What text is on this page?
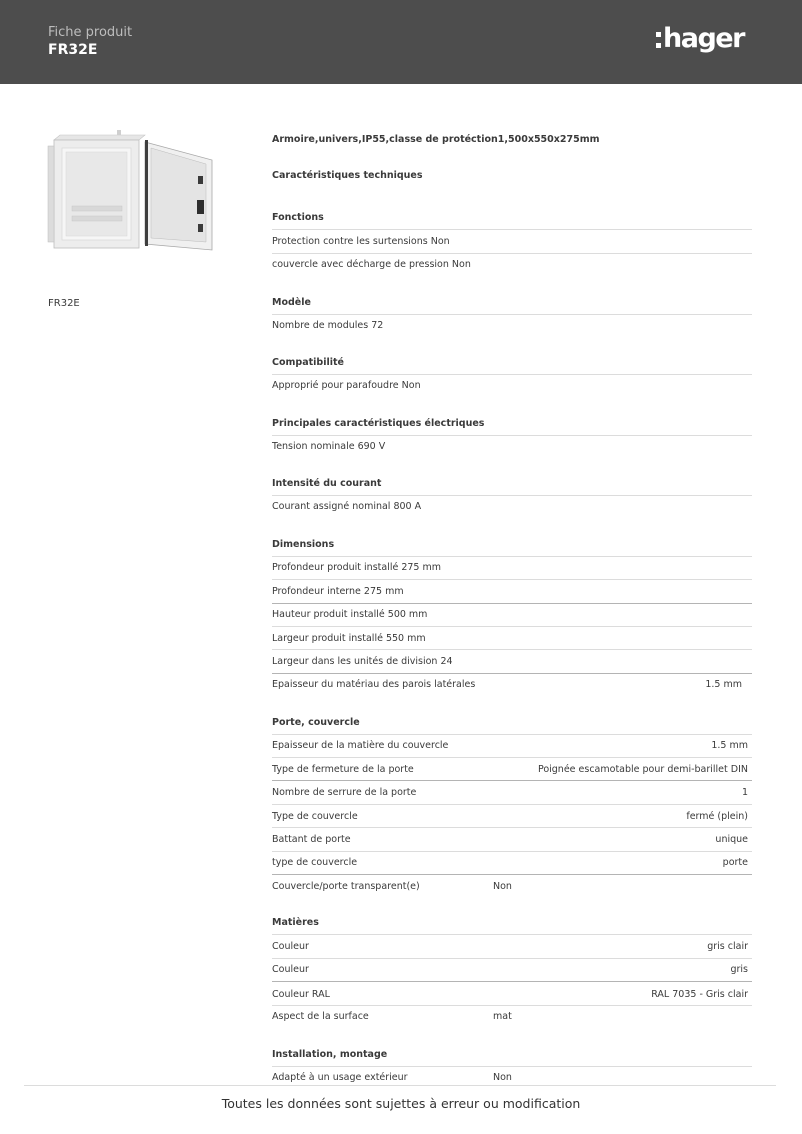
Fiche produit
FR32E	hager
FR32E
Armoire,univers,IP55,classe de protéction1,500x550x275mm
Caractéristiques techniques
Fonctions
Protection contre les surtensions Non
couvercle avec décharge de pression Non
Modèle
Nombre de modules 72
Compatibilité
Approprié pour parafoudre Non
Principales caractéristiques électriques
Tension nominale 690 V
Intensité du courant
Courant assigné nominal 800 A
Dimensions
Profondeur produit installé 275 mm
Profondeur interne 275 mm
Hauteur produit installé 500 mm
Largeur produit installé 550 mm
Largeur dans les unités de division 24
Epaisseur du matériau des parois latérales	1.5 mm
Porte, couvercle
Epaisseur de la matière du couvercle	1.5 mm
Type de fermeture de la porte	Poignée escamotable pour demi-barillet DIN
Nombre de serrure de la porte	1
Type de couvercle	fermé (plein)
Battant de porte	unique
type de couvercle	porte
Couvercle/porte transparent(e)	Non
Matières
Couleur	gris clair
Couleur	gris
Couleur RAL	RAL 7035 - Gris clair
Aspect de la surface	mat
Installation, montage
Adapté à un usage extérieur	Non
Toutes les données sont sujettes à erreur ou modification
